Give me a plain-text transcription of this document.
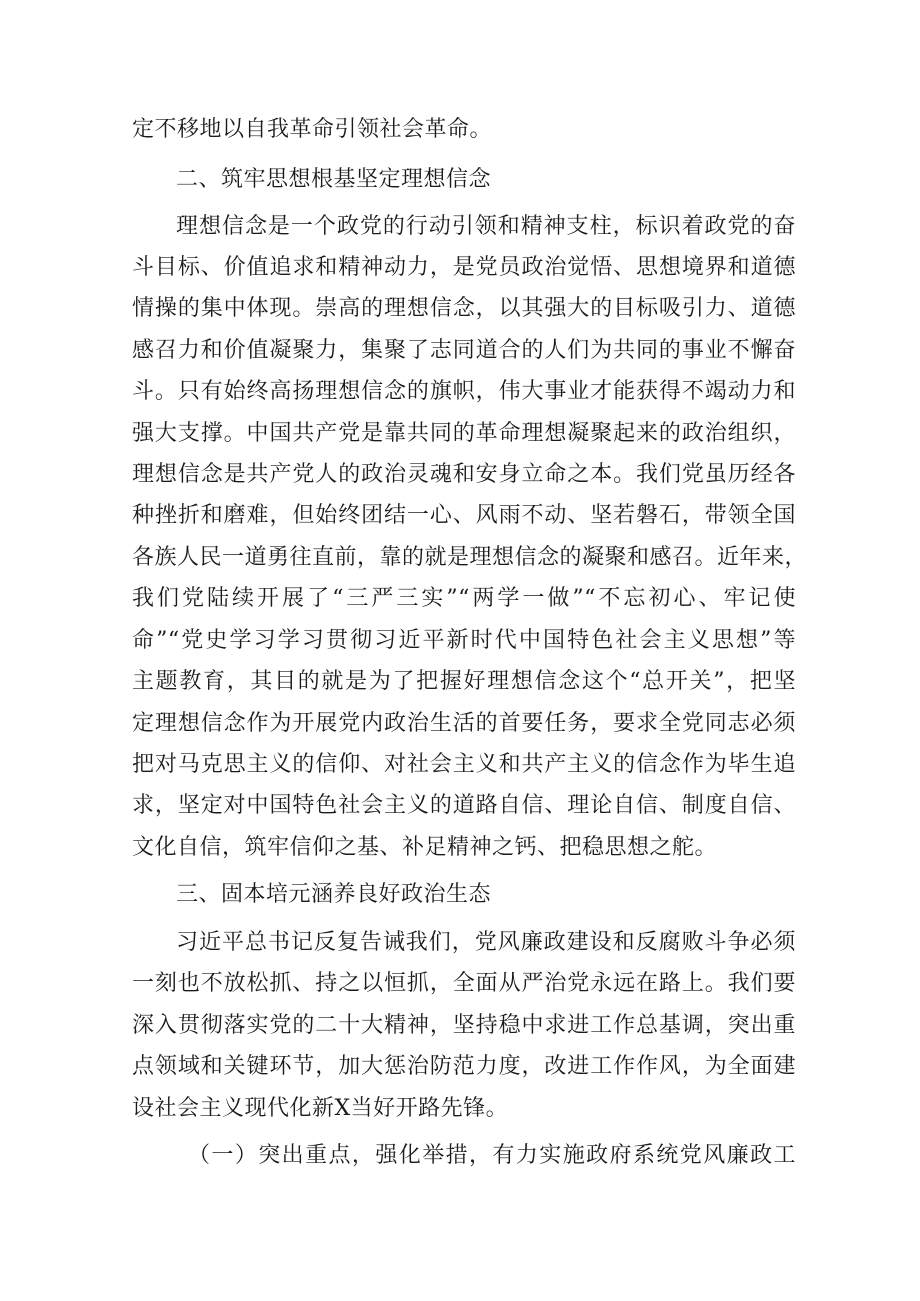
定不移地以自我革命引领社会革命。
二、筑牢思想根基坚定理想信念
理想信念是一个政党的行动引领和精神支柱，标识着政党的奋
斗目标、价值追求和精神动力，是党员政治觉悟、思想境界和道德
情操的集中体现。崇高的理想信念，以其强大的目标吸引力、道德
感召力和价值凝聚力，集聚了志同道合的人们为共同的事业不懈奋
斗。只有始终高扬理想信念的旗帜，伟大事业才能获得不竭动力和
强大支撑。中国共产党是靠共同的革命理想凝聚起来的政治组织，
理想信念是共产党人的政治灵魂和安身立命之本。我们党虽历经各
种挫折和磨难，但始终团结一心、风雨不动、坚若磐石，带领全国
各族人民一道勇往直前，靠的就是理想信念的凝聚和感召。近年来，
我们党陆续开展了“三严三实”“两学一做”“不忘初心、牢记使
命”“党史学习学习贯彻习近平新时代中国特色社会主义思想”等
主题教育，其目的就是为了把握好理想信念这个“总开关”，把坚
定理想信念作为开展党内政治生活的首要任务，要求全党同志必须
把对马克思主义的信仰、对社会主义和共产主义的信念作为毕生追
求，坚定对中国特色社会主义的道路自信、理论自信、制度自信、
文化自信，筑牢信仰之基、补足精神之钙、把稳思想之舵。
三、固本培元涵养良好政治生态
习近平总书记反复告诫我们，党风廉政建设和反腐败斗争必须
一刻也不放松抓、持之以恒抓，全面从严治党永远在路上。我们要
深入贯彻落实党的二十大精神，坚持稳中求进工作总基调，突出重
点领域和关键环节，加大惩治防范力度，改进工作作风，为全面建
设社会主义现代化新X当好开路先锋。
（一）突出重点，强化举措，有力实施政府系统党风廉政工
